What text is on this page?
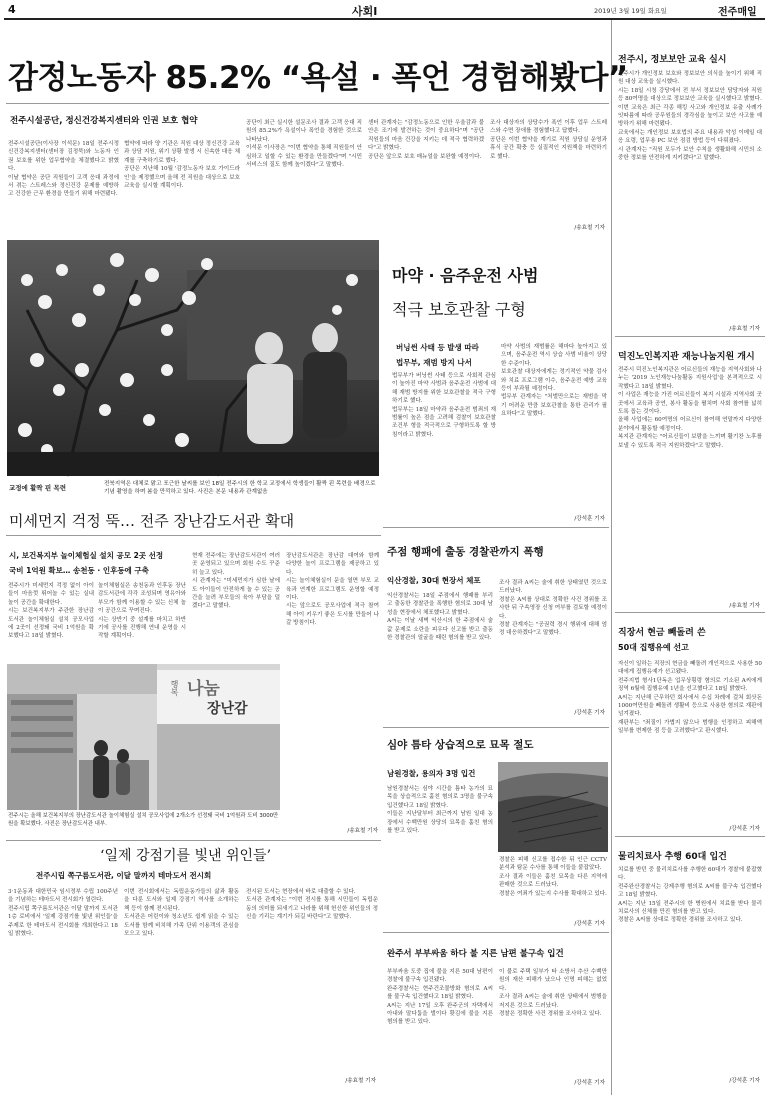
4	사회Ⅰ	2019년 3월 19일 화요일	전주매일
감정노동자 85.2% “욕설 · 폭언 경험해봤다”
전주시설공단, 정신건강복지센터와 인권 보호 협약
전주시설공단(이사장 이석문) 18일 전주시정신건강복지센터(센터장 김정묵)와 노동자 인권 보호를 위한 업무협약을 체결했다고 밝혔다.
이날 협약은 공단 직원들이 고객 응대 과정에서 겪는 스트레스와 정신건강 문제를 예방하고 건강한 근무 환경을 만들기 위해 마련됐다.
협약에 따라 양 기관은 직원 대상 정신건강 교육과 상담 지원, 위기 상황 발생 시 신속한 대응 체계를 구축하기로 했다.
공단은 지난해 10월 '감정노동자 보호 가이드라인'을 제정했으며 올해 전 직원을 대상으로 보호 교육을 실시할 계획이다.
공단이 최근 실시한 설문조사 결과 고객 응대 직원의 85.2%가 욕설이나 폭언을 경험한 것으로 나타났다.
이석문 이사장은 "이번 협약을 통해 직원들이 안심하고 일할 수 있는 환경을 만들겠다"며 "시민 서비스의 질도 함께 높이겠다"고 말했다.
센터 관계자는 "감정노동으로 인한 우울감과 불안은 조기에 발견하는 것이 중요하다"며 "공단 직원들의 마음 건강을 지키는 데 적극 협력하겠다"고 밝혔다.
공단은 앞으로 보호 매뉴얼을 보완할 예정이다.
조사 대상자의 상당수가 폭언 이후 업무 스트레스와 수면 장애를 경험했다고 답했다.
공단은 이번 협약을 계기로 직원 상담실 운영과 휴식 공간 확충 등 실질적인 지원책을 마련하기로 했다.
/송효철 기자
교정에 활짝 핀 목련	전북지역은 대체로 맑고 포근한 날씨를 보인 18일 전주시의 한 학교 교정에서 학생들이 활짝 핀 목련을 배경으로 기념 촬영을 하며 봄을 만끽하고 있다. 사진은 본문 내용과 관계없음
마약 · 음주운전 사범
적극 보호관찰 구형
버닝썬 사태 등 발생 따라
법무부, 재범 방지 나서
법무부가 버닝썬 사태 등으로 사회적 관심이 높아진 마약 사범과 음주운전 사범에 대해 재범 방지를 위한 보호관찰을 적극 구형하기로 했다.
법무부는 18일 마약과 음주운전 범죄의 재범률이 높은 점을 고려해 검찰이 보호관찰 조건부 형을 적극적으로 구형하도록 할 방침이라고 밝혔다.
마약 사범의 재범률은 해마다 높아지고 있으며, 음주운전 역시 상습 사범 비율이 상당한 수준이다.
보호관찰 대상자에게는 정기적인 약물 검사와 치료 프로그램 이수, 음주운전 예방 교육 등이 부과될 예정이다.
법무부 관계자는 "처벌만으로는 재범을 막기 어려운 만큼 보호관찰을 통한 관리가 필요하다"고 말했다.
/강석훈 기자
미세먼지 걱정 뚝… 전주 장난감도서관 확대
시, 보건복지부 놀이체험실 설치 공모 2곳 선정
국비 1억원 확보… 송천동 · 인후동에 구축
전주시가 미세먼지 걱정 없이 아이들이 마음껏 뛰어놀 수 있는 실내 놀이 공간을 확대한다.
시는 보건복지부가 주관한 장난감도서관 놀이체험실 설치 공모사업에 2곳이 선정돼 국비 1억원을 확보했다고 18일 밝혔다.
놀이체험실은 송천동과 인후동 장난감도서관에 각각 조성되며 영유아와 부모가 함께 이용할 수 있는 신체 놀이 공간으로 꾸며진다.
시는 상반기 중 설계를 마치고 하반기에 공사를 진행해 연내 운영을 시작할 계획이다.
현재 전주에는 장난감도서관이 여러 곳 운영되고 있으며 회원 수도 꾸준히 늘고 있다.
시 관계자는 "미세먼지가 심한 날에도 아이들이 안전하게 놀 수 있는 공간을 늘려 부모들의 육아 부담을 덜겠다"고 말했다.
장난감도서관은 장난감 대여와 함께 다양한 놀이 프로그램을 제공하고 있다.
시는 놀이체험실이 문을 열면 부모 교육과 연계한 프로그램도 운영할 예정이다.
시는 앞으로도 공모사업에 적극 참여해 아이 키우기 좋은 도시를 만들어 나갈 방침이다.
/송효철 기자
행복 나눔
장난감
전주시는 올해 보건복지부의 장난감도서관 놀이체험실 설치 공모사업에 2개소가 선정돼 국비 1억원과 도비 3000만원을 확보했다. 사진은 장난감도서관 내부.
‘일제 강점기를 빛낸 위인들’
전주시립 쪽구름도서관, 이달 말까지 테마도서 전시회
3·1운동과 대한민국 임시정부 수립 100주년을 기념하는 테마도서 전시회가 열린다.
전주시립 쪽구름도서관은 이달 말까지 도서관 1층 로비에서 '일제 강점기를 빛낸 위인들'을 주제로 한 테마도서 전시회를 개최한다고 18일 밝혔다.
이번 전시회에서는 독립운동가들의 삶과 활동을 다룬 도서와 일제 강점기 역사를 소개하는 책 등이 함께 전시된다.
도서관은 어린이와 청소년도 쉽게 읽을 수 있는 도서를 함께 비치해 가족 단위 이용객의 관심을 모으고 있다.
전시된 도서는 현장에서 바로 대출할 수 있다.
도서관 관계자는 "이번 전시를 통해 시민들이 독립운동의 의미를 되새기고 나라를 위해 헌신한 위인들의 정신을 기리는 계기가 되길 바란다"고 말했다.
/송효철 기자
주점 행패에 출동 경찰관까지 폭행
익산경찰, 30대 현장서 체포
익산경찰서는 18일 주점에서 행패를 부리고 출동한 경찰관을 폭행한 혐의로 30대 남성을 현장에서 체포했다고 밝혔다.
A씨는 이날 새벽 익산시의 한 주점에서 술값 문제로 소란을 피우다 신고를 받고 출동한 경찰관의 얼굴을 때린 혐의를 받고 있다.
조사 결과 A씨는 술에 취한 상태였던 것으로 드러났다.
경찰은 A씨를 상대로 정확한 사건 경위를 조사한 뒤 구속영장 신청 여부를 검토할 예정이다.
경찰 관계자는 "공권력 경시 행위에 대해 엄정 대응하겠다"고 말했다.
/강석훈 기자
심야 틈타 상습적으로 묘목 절도
남원경찰, 용의자 3명 입건
남원경찰서는 심야 시간을 틈타 농가의 묘목을 상습적으로 훔친 혐의로 3명을 불구속 입건했다고 18일 밝혔다.
이들은 지난달부터 최근까지 남원 일대 농장에서 수백만원 상당의 묘목을 훔친 혐의를 받고 있다.
경찰은 피해 신고를 접수한 뒤 인근 CCTV 분석과 탐문 수사를 통해 이들을 붙잡았다.
조사 결과 이들은 훔친 묘목을 다른 지역에 판매한 것으로 드러났다.
경찰은 여죄가 있는지 수사를 확대하고 있다.
/강석훈 기자
완주서 부부싸움 하다 불 지른 남편 불구속 입건
부부싸움 도중 집에 불을 지른 50대 남편이 경찰에 불구속 입건됐다.
완주경찰서는 현주건조물방화 혐의로 A씨를 불구속 입건했다고 18일 밝혔다.
A씨는 지난 17일 오후 완주군의 자택에서 아내와 말다툼을 벌이다 홧김에 불을 지른 혐의를 받고 있다.
이 불로 주택 일부가 타 소방서 추산 수백만원의 재산 피해가 났으나 인명 피해는 없었다.
조사 결과 A씨는 술에 취한 상태에서 범행을 저지른 것으로 드러났다.
경찰은 정확한 사건 경위를 조사하고 있다.
/강석훈 기자
전주시, 정보보안 교육 실시
전주시가 개인정보 보호와 정보보안 의식을 높이기 위해 직원 대상 교육을 실시했다.
시는 18일 시청 강당에서 전 부서 정보보안 담당자와 직원 등 80여명을 대상으로 정보보안 교육을 실시했다고 밝혔다.
이번 교육은 최근 각종 해킹 사고와 개인정보 유출 사례가 잇따름에 따라 공무원들의 경각심을 높이고 보안 사고를 예방하기 위해 마련됐다.
교육에서는 개인정보 보호법의 주요 내용과 악성 이메일 대응 요령, 업무용 PC 보안 점검 방법 등이 다뤄졌다.
시 관계자는 "직원 모두가 보안 수칙을 생활화해 시민의 소중한 정보를 안전하게 지키겠다"고 말했다.
/송효철 기자
덕진노인복지관 재능나눔지원 개시
전주시 덕진노인복지관은 어르신들의 재능을 지역사회와 나누는 '2019 노인재능나눔활동 지원사업'을 본격적으로 시작했다고 18일 밝혔다.
이 사업은 재능을 가진 어르신들이 복지 시설과 지역사회 곳곳에서 교육과 공연, 봉사 활동을 펼치며 사회 참여를 넓히도록 돕는 것이다.
올해 사업에는 60여명의 어르신이 참여해 연말까지 다양한 분야에서 활동할 예정이다.
복지관 관계자는 "어르신들이 보람을 느끼며 활기찬 노후를 보낼 수 있도록 적극 지원하겠다"고 말했다.
/송효철 기자
직장서 현금 빼돌려 쓴
50대 집행유예 선고
자신이 일하는 직장의 현금을 빼돌려 개인적으로 사용한 50대에게 집행유예가 선고됐다.
전주지법 형사1단독은 업무상횡령 혐의로 기소된 A씨에게 징역 6월에 집행유예 1년을 선고했다고 18일 밝혔다.
A씨는 지난해 근무하던 회사에서 수십 차례에 걸쳐 회삿돈 1000여만원을 빼돌려 생활비 등으로 사용한 혐의로 재판에 넘겨졌다.
재판부는 "죄질이 가볍지 않으나 범행을 인정하고 피해액 일부를 변제한 점 등을 고려했다"고 판시했다.
/강석훈 기자
물리치료사 추행 60대 입건
치료를 받던 중 물리치료사를 추행한 60대가 경찰에 붙잡혔다.
전주완산경찰서는 강제추행 혐의로 A씨를 불구속 입건했다고 18일 밝혔다.
A씨는 지난 15일 전주시의 한 병원에서 치료를 받다 물리치료사의 신체를 만진 혐의를 받고 있다.
경찰은 A씨를 상대로 정확한 경위를 조사하고 있다.
/강석훈 기자
